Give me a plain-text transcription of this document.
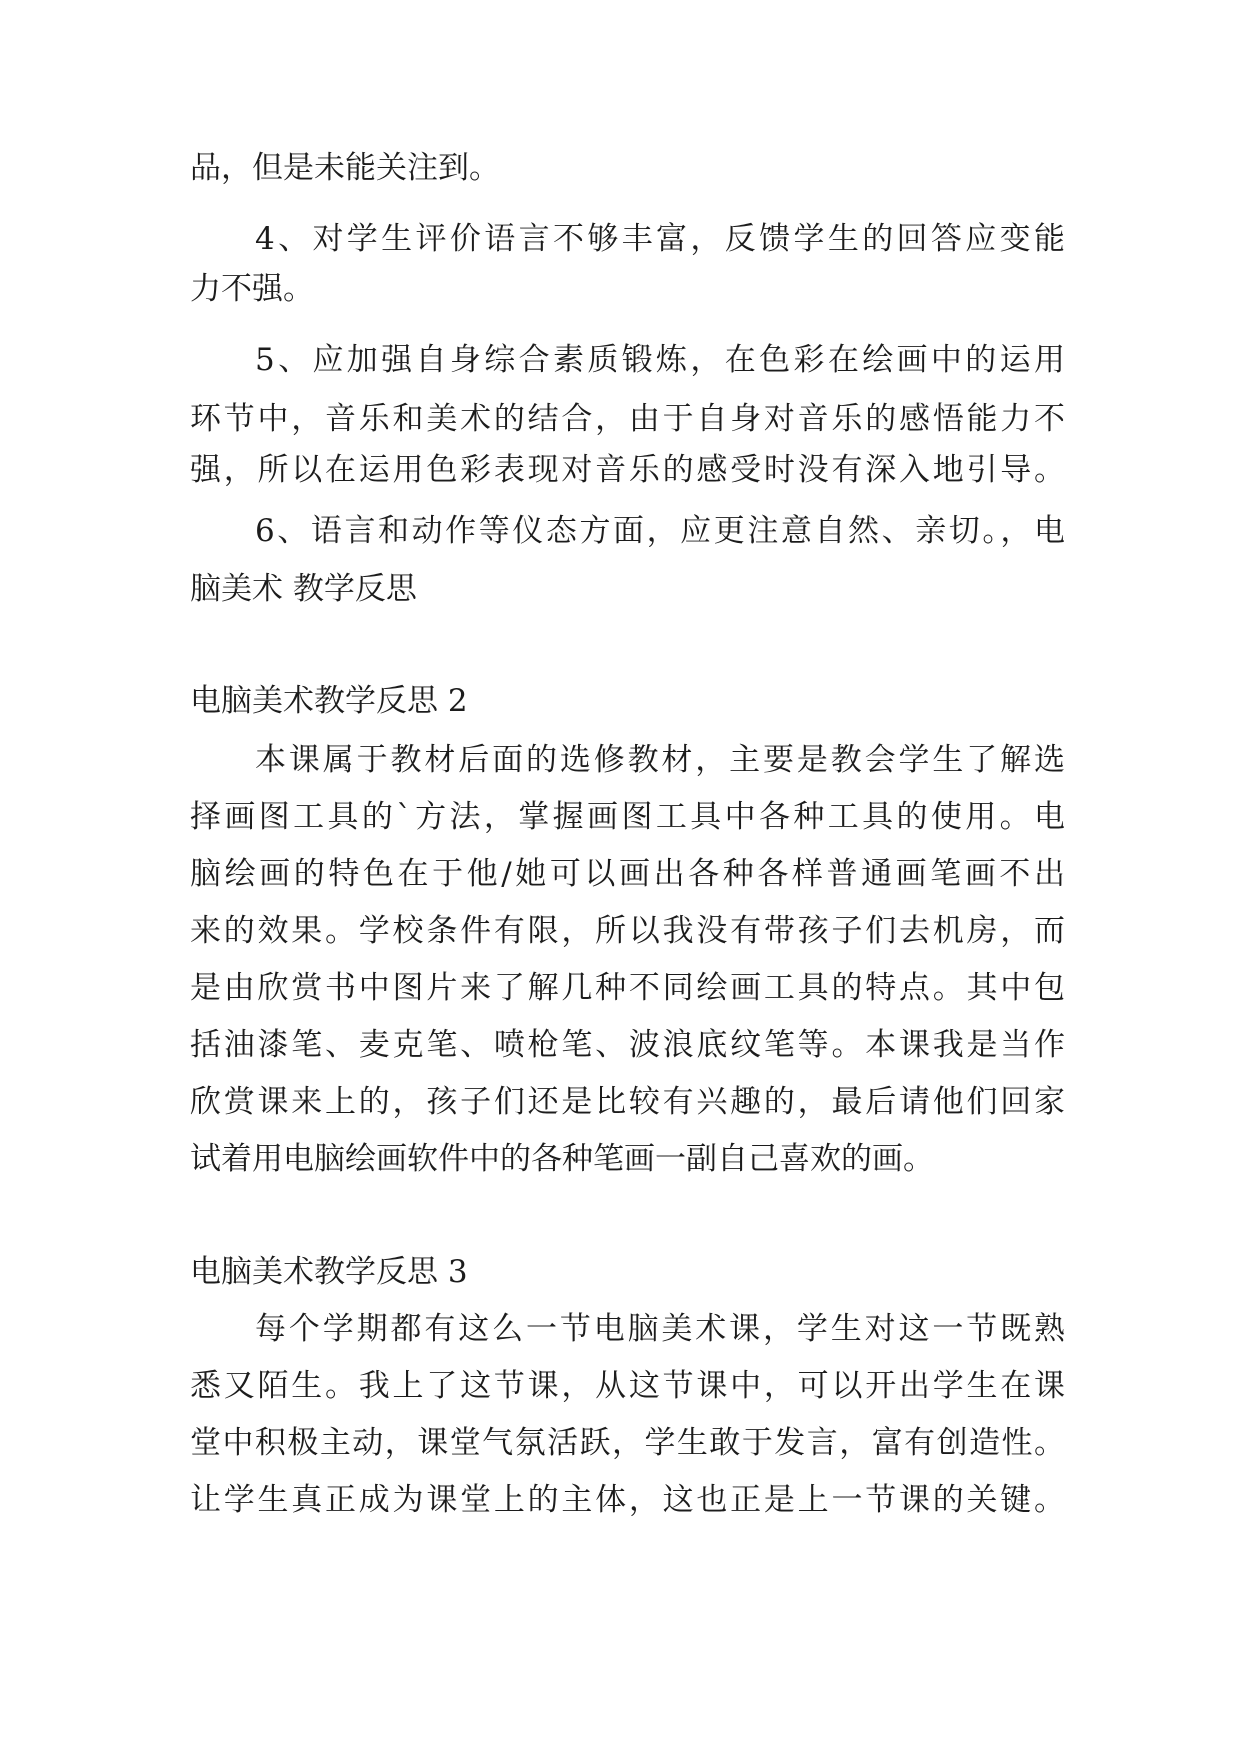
品，但是未能关注到。
4、对学生评价语言不够丰富，反馈学生的回答应变能
力不强。
5、应加强自身综合素质锻炼，在色彩在绘画中的运用
环节中，音乐和美术的结合，由于自身对音乐的感悟能力不
强，所以在运用色彩表现对音乐的感受时没有深入地引导。
6、语言和动作等仪态方面，应更注意自然、亲切。，电
脑美术 教学反思
电脑美术教学反思 2
本课属于教材后面的选修教材，主要是教会学生了解选
择画图工具的`方法，掌握画图工具中各种工具的使用。电
脑绘画的特色在于他/她可以画出各种各样普通画笔画不出
来的效果。学校条件有限，所以我没有带孩子们去机房，而
是由欣赏书中图片来了解几种不同绘画工具的特点。其中包
括油漆笔、麦克笔、喷枪笔、波浪底纹笔等。本课我是当作
欣赏课来上的，孩子们还是比较有兴趣的，最后请他们回家
试着用电脑绘画软件中的各种笔画一副自己喜欢的画。
电脑美术教学反思 3
每个学期都有这么一节电脑美术课，学生对这一节既熟
悉又陌生。我上了这节课，从这节课中，可以开出学生在课
堂中积极主动，课堂气氛活跃，学生敢于发言，富有创造性。
让学生真正成为课堂上的主体，这也正是上一节课的关键。
